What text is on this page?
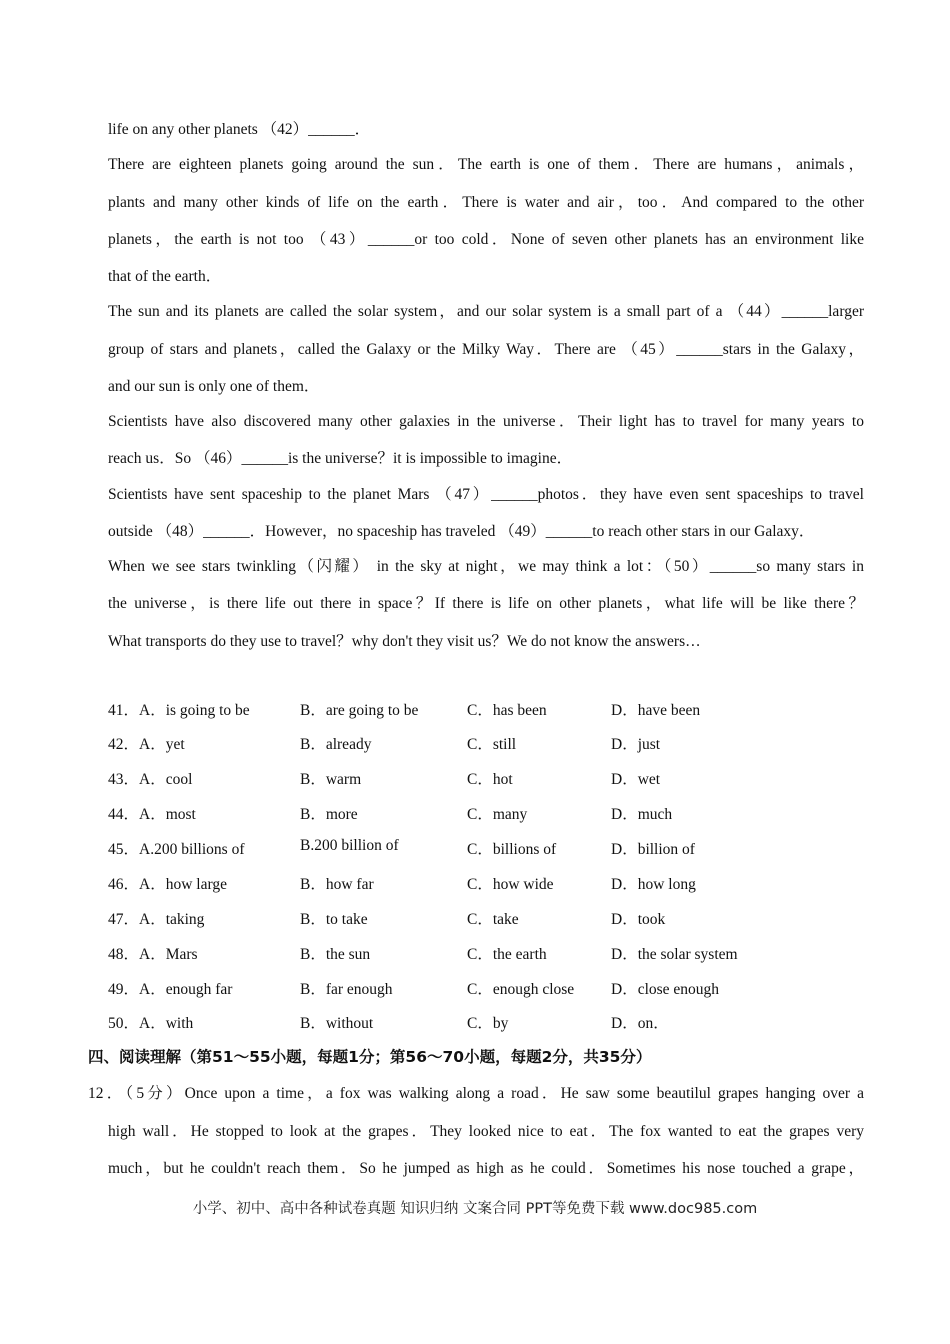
life on any other planets （42）______．
There are eighteen planets going around the sun．The earth is one of them．There are humans，animals，
plants and many other kinds of life on the earth．There is water and air，too．And compared to the other
planets，the earth is not too （43）______or too cold．None of seven other planets has an environment like
that of the earth．
The sun and its planets are called the solar system，and our solar system is a small part of a （44）______larger
group of stars and planets，called the Galaxy or the Milky Way．There are （45）______stars in the Galaxy，
and our sun is only one of them．
Scientists have also discovered many other galaxies in the universe．Their light has to travel for many years to
reach us．So （46）______is the universe？it is impossible to imagine．
Scientists have sent spaceship to the planet Mars （47）______photos．they have even sent spaceships to travel
outside （48）______．However，no spaceship has traveled （49）______to reach other stars in our Galaxy．
When we see stars twinkling（闪耀） in the sky at night，we may think a lot：（50）______so many stars in
the universe，is there life out there in space？If there is life on other planets，what life will be like there？
What transports do they use to travel？why don't they visit us？We do not know the answers…
41．A．is going to be	B．are going to be	C．has been	D．have been
42．A．yet	B．already	C．still	D．just
43．A．cool	B．warm	C．hot	D．wet
44．A．most	B．more	C．many	D．much
45．A.200 billions of	B.200 billion of	C．billions of	D．billion of
46．A．how large	B．how far	C．how wide	D．how long
47．A．taking	B．to take	C．take	D．took
48．A．Mars	B．the sun	C．the earth	D．the solar system
49．A．enough far	B．far enough	C．enough close D．close enough
50．A．with	B．without	C．by	D．on．
四、阅读理解（第51～55小题，每题1分；第56～70小题，每题2分，共35分）
12．（5分）Once upon a time，a fox was walking along a road．He saw some beautilul grapes hanging over a
high wall．He stopped to look at the grapes．They looked nice to eat．The fox wanted to eat the grapes very
much，but he couldn't reach them．So he jumped as high as he could．Sometimes his nose touched a grape，
小学、初中、高中各种试卷真题 知识归纳 文案合同 PPT等免费下载 www.doc985.com
